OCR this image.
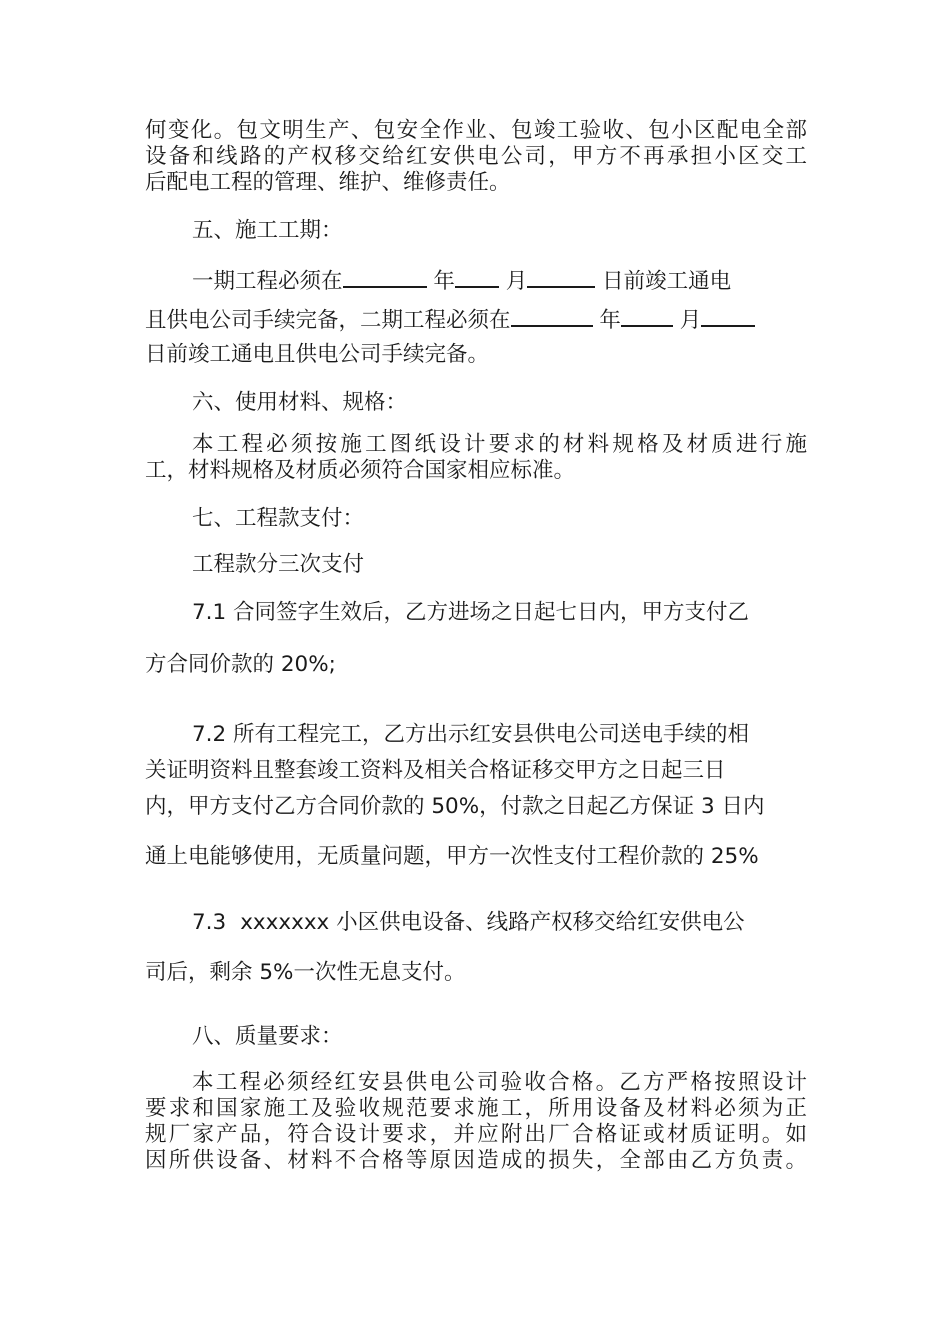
何变化。包文明生产、包安全作业、包竣工验收、包小区配电全部
设备和线路的产权移交给红安供电公司，甲方不再承担小区交工
后配电工程的管理、维护、维修责任。
五、施工工期：
一期工程必须在	年 月	日前竣工通电
且供电公司手续完备，二期工程必须在	年	月
日前竣工通电且供电公司手续完备。
六、使用材料、规格：
本工程必须按施工图纸设计要求的材料规格及材质进行施
工，材料规格及材质必须符合国家相应标准。
七、工程款支付：
工程款分三次支付
7.1 合同签字生效后，乙方进场之日起七日内，甲方支付乙
方合同价款的 20%;
7.2 所有工程完工，乙方出示红安县供电公司送电手续的相
关证明资料且整套竣工资料及相关合格证移交甲方之日起三日
内，甲方支付乙方合同价款的 50%，付款之日起乙方保证 3 日内
通上电能够使用，无质量问题，甲方一次性支付工程价款的 25%
7.3 xxxxxxx 小区供电设备、线路产权移交给红安供电公
司后，剩余 5%一次性无息支付。
八、质量要求：
本工程必须经红安县供电公司验收合格。乙方严格按照设计
要求和国家施工及验收规范要求施工，所用设备及材料必须为正
规厂家产品，符合设计要求，并应附出厂合格证或材质证明。如
因所供设备、材料不合格等原因造成的损失，全部由乙方负责。
